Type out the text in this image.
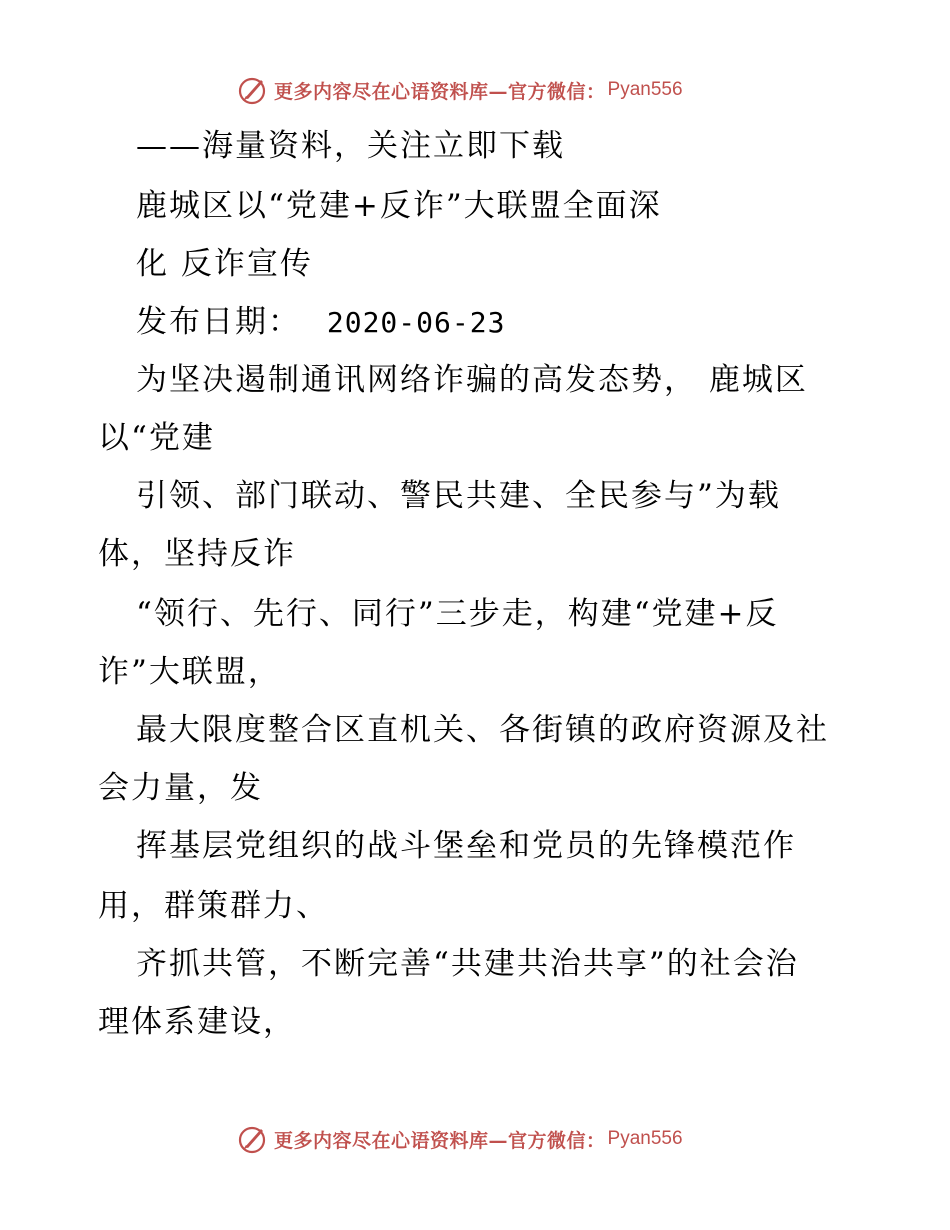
更多内容尽在心语资料库—官方微信： Pyan556
——海量资料，关注立即下载
鹿城区以“党建+反诈”大联盟全面深
化 反诈宣传
发布日期： 2020-06-23
为坚决遏制通讯网络诈骗的高发态势， 鹿城区
以“党建
引领、部门联动、警民共建、全民参与”为载
体，坚持反诈
“领行、先行、同行”三步走，构建“党建+反
诈”大联盟，
最大限度整合区直机关、各街镇的政府资源及社
会力量，发
挥基层党组织的战斗堡垒和党员的先锋模范作
用，群策群力、
齐抓共管，不断完善“共建共治共享”的社会治
理体系建设，
更多内容尽在心语资料库—官方微信： Pyan556
